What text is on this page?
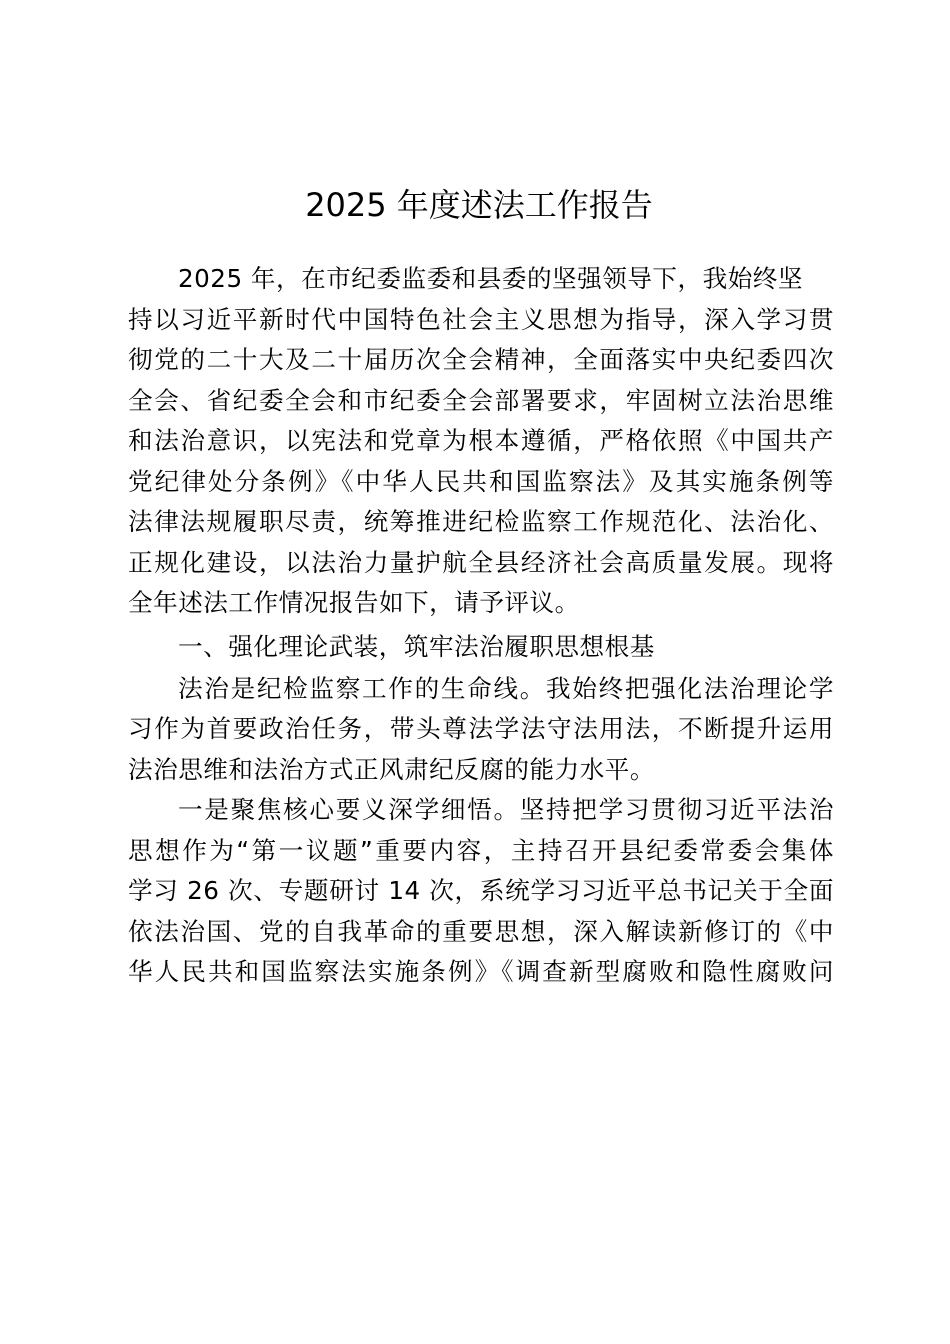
2025 年度述法工作报告
2025 年，在市纪委监委和县委的坚强领导下，我始终坚
持以习近平新时代中国特色社会主义思想为指导，深入学习贯
彻党的二十大及二十届历次全会精神，全面落实中央纪委四次
全会、省纪委全会和市纪委全会部署要求，牢固树立法治思维
和法治意识，以宪法和党章为根本遵循，严格依照《中国共产
党纪律处分条例》《中华人民共和国监察法》及其实施条例等
法律法规履职尽责，统筹推进纪检监察工作规范化、法治化、
正规化建设，以法治力量护航全县经济社会高质量发展。现将
全年述法工作情况报告如下，请予评议。
一、强化理论武装，筑牢法治履职思想根基
法治是纪检监察工作的生命线。我始终把强化法治理论学
习作为首要政治任务，带头尊法学法守法用法，不断提升运用
法治思维和法治方式正风肃纪反腐的能力水平。
一是聚焦核心要义深学细悟。坚持把学习贯彻习近平法治
思想作为“第一议题”重要内容，主持召开县纪委常委会集体
学习 26 次、专题研讨 14 次，系统学习习近平总书记关于全面
依法治国、党的自我革命的重要思想，深入解读新修订的《中
华人民共和国监察法实施条例》《调查新型腐败和隐性腐败问
